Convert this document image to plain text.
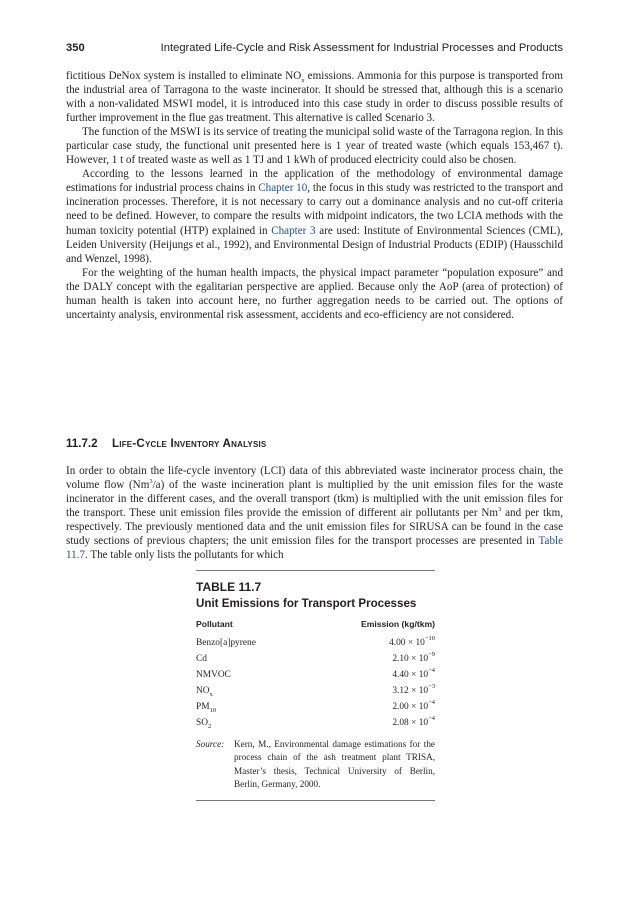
350	Integrated Life-Cycle and Risk Assessment for Industrial Processes and Products

fictitious DeNox system is installed to eliminate $NO_x$ emissions. Ammonia for this purpose is transported from the industrial area of Tarragona to the waste incinerator. It should be stressed that, although this is a scenario with a non-validated MSWI model, it is introduced into this case study in order to discuss possible results of further improvement in the flue gas treatment. This alternative is called Scenario 3.

The function of the MSWI is its service of treating the municipal solid waste of the Tarragona region. In this particular case study, the functional unit presented here is 1 year of treated waste (which equals 153,467 t). However, 1 t of treated waste as well as 1 TJ and 1 kWh of produced electricity could also be chosen.

According to the lessons learned in the application of the methodology of environmental damage estimations for industrial process chains in Chapter 10, the focus in this study was restricted to the transport and incineration processes. Therefore, it is not necessary to carry out a dominance analysis and no cut-off criteria need to be defined. However, to compare the results with midpoint indicators, the two LCIA methods with the human toxicity potential (HTP) explained in Chapter 3 are used: Institute of Environmental Sciences (CML), Leiden University (Heijungs et al., 1992), and Environmental Design of Industrial Products (EDIP) (Hausschild and Wenzel, 1998).

For the weighting of the human health impacts, the physical impact parameter “population exposure” and the DALY concept with the egalitarian perspective are applied. Because only the AoP (area of protection) of human health is taken into account here, no further aggregation needs to be carried out. The options of uncertainty analysis, environmental risk assessment, accidents and eco-efficiency are not considered.

11.7.2 Life-Cycle Inventory Analysis

In order to obtain the life-cycle inventory (LCI) data of this abbreviated waste incinerator process chain, the volume flow (Nm$^3$/a) of the waste incineration plant is multiplied by the unit emission files for the waste incinerator in the different cases, and the overall transport (tkm) is multiplied with the unit emission files for the transport. These unit emission files provide the emission of different air pollutants per Nm$^3$ and per tkm, respectively. The previously mentioned data and the unit emission files for SIRUSA can be found in the case study sections of previous chapters; the unit emission files for the transport processes are presented in Table 11.7. The table only lists the pollutants for which

TABLE 11.7
Unit Emissions for Transport Processes
Pollutant	Emission (kg/tkm)
Benzo[a]pyrene	$4.00 \times 10^{-10}$
Cd	$2.10 \times 10^{-9}$
NMVOC	$4.40 \times 10^{-4}$
$NO_x$	$3.12 \times 10^{-3}$
$PM_{10}$	$2.00 \times 10^{-4}$
$SO_2$	$2.08 \times 10^{-4}$
Source: Kern, M., Environmental damage estimations for the process chain of the ash treatment plant TRISA, Master’s thesis, Technical University of Berlin, Berlin, Germany, 2000.
